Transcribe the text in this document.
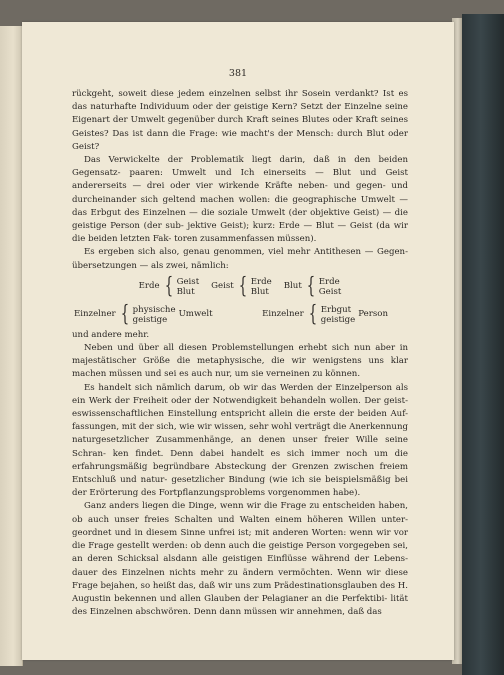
381

rückgeht, soweit diese jedem einzelnen selbst ihr Sosein verdankt? Ist es das naturhafte Individuum oder der geistige Kern? Setzt der Einzelne seine Eigenart der Umwelt gegenüber durch Kraft seines Blutes oder Kraft seines Geistes? Das ist dann die Frage: wie macht's der Mensch: durch Blut oder Geist?

Das Verwickelte der Problematik liegt darin, daß in den beiden Gegensatz- paaren: Umwelt und Ich einerseits — Blut und Geist andererseits — drei oder vier wirkende Kräfte neben- und gegen- und durcheinander sich geltend machen wollen: die geographische Umwelt — das Erbgut des Einzelnen — die soziale Umwelt (der objektive Geist) — die geistige Person (der sub- jektive Geist); kurz: Erde — Blut — Geist (da wir die beiden letzten Fak- toren zusammenfassen müssen).

Es ergeben sich also, genau genommen, viel mehr Antithesen — Gegen- übersetzungen — als zwei, nämlich:

Erde { Geist
Blut
Geist { Erde
Blut
Blut { Erde
Geist
Einzelner { physische
geistige
Umwelt	Einzelner { Erbgut
geistige
Person

und andere mehr.

Neben und über all diesen Problemstellungen erhebt sich nun aber in majestätischer Größe die metaphysische, die wir wenigstens uns klar machen müssen und sei es auch nur, um sie verneinen zu können.

Es handelt sich nämlich darum, ob wir das Werden der Einzelperson als ein Werk der Freiheit oder der Notwendigkeit behandeln wollen. Der geist- eswissenschaftlichen Einstellung entspricht allein die erste der beiden Auf- fassungen, mit der sich, wie wir wissen, sehr wohl verträgt die Anerkennung naturgesetzlicher Zusammenhänge, an denen unser freier Wille seine Schran- ken findet. Denn dabei handelt es sich immer noch um die erfahrungsmäßig begründbare Absteckung der Grenzen zwischen freiem Entschluß und natur- gesetzlicher Bindung (wie ich sie beispielsmäßig bei der Erörterung des Fortpflanzungsproblems vorgenommen habe).

Ganz anders liegen die Dinge, wenn wir die Frage zu entscheiden haben, ob auch unser freies Schalten und Walten einem höheren Willen unter- geordnet und in diesem Sinne unfrei ist; mit anderen Worten: wenn wir vor die Frage gestellt werden: ob denn auch die geistige Person vorgegeben sei, an deren Schicksal alsdann alle geistigen Einflüsse während der Lebens- dauer des Einzelnen nichts mehr zu ändern vermöchten. Wenn wir diese Frage bejahen, so heißt das, daß wir uns zum Prädestinationsglauben des H. Augustin bekennen und allen Glauben der Pelagianer an die Perfektibi- lität des Einzelnen abschwören. Denn dann müssen wir annehmen, daß das
